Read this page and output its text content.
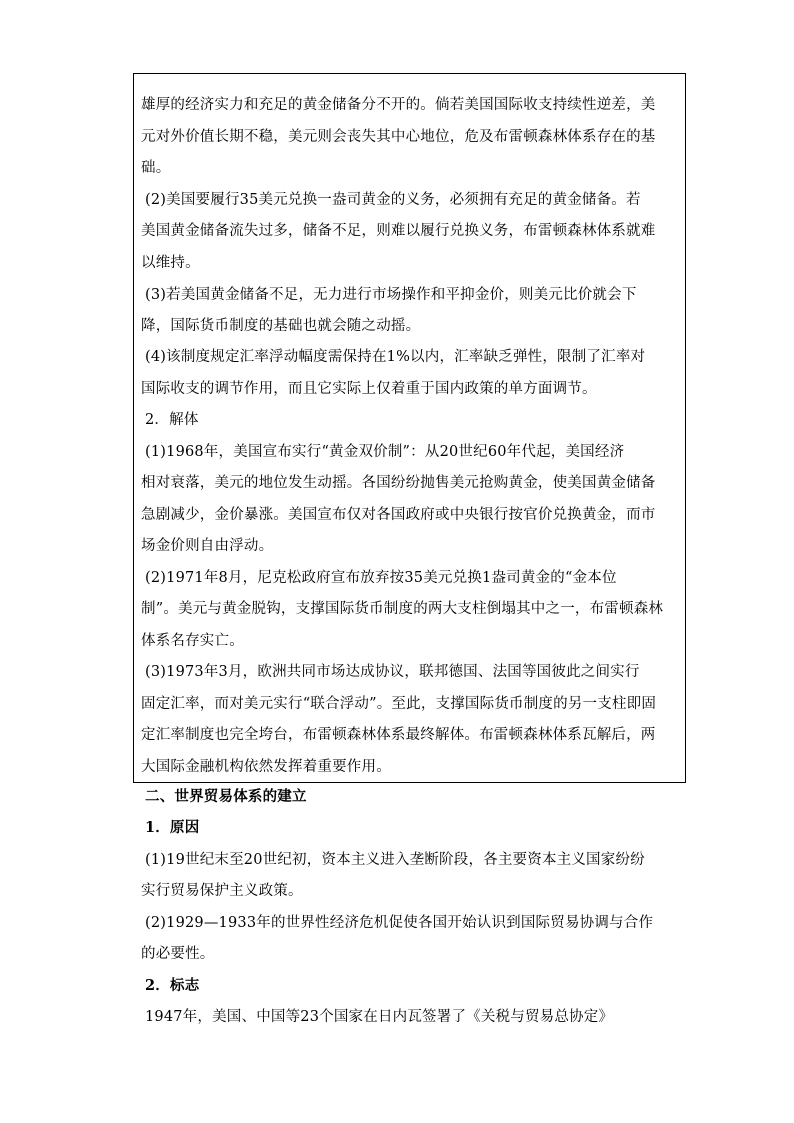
雄厚的经济实力和充足的黄金储备分不开的。倘若美国国际收支持续性逆差，美
元对外价值长期不稳，美元则会丧失其中心地位，危及布雷顿森林体系存在的基
础。
(2)美国要履行35美元兑换一盎司黄金的义务，必须拥有充足的黄金储备。若
美国黄金储备流失过多，储备不足，则难以履行兑换义务，布雷顿森林体系就难
以维持。
(3)若美国黄金储备不足，无力进行市场操作和平抑金价，则美元比价就会下
降，国际货币制度的基础也就会随之动摇。
(4)该制度规定汇率浮动幅度需保持在1%以内，汇率缺乏弹性，限制了汇率对
国际收支的调节作用，而且它实际上仅着重于国内政策的单方面调节。
2．解体
(1)1968年，美国宣布实行“黄金双价制”：从20世纪60年代起，美国经济
相对衰落，美元的地位发生动摇。各国纷纷抛售美元抢购黄金，使美国黄金储备
急剧减少，金价暴涨。美国宣布仅对各国政府或中央银行按官价兑换黄金，而市
场金价则自由浮动。
(2)1971年8月，尼克松政府宣布放弃按35美元兑换1盎司黄金的“金本位
制”。美元与黄金脱钩，支撑国际货币制度的两大支柱倒塌其中之一，布雷顿森林
体系名存实亡。
(3)1973年3月，欧洲共同市场达成协议，联邦德国、法国等国彼此之间实行
固定汇率，而对美元实行“联合浮动”。至此，支撑国际货币制度的另一支柱即固
定汇率制度也完全垮台，布雷顿森林体系最终解体。布雷顿森林体系瓦解后，两
大国际金融机构依然发挥着重要作用。
二、世界贸易体系的建立
1．原因
(1)19世纪末至20世纪初，资本主义进入垄断阶段，各主要资本主义国家纷纷
实行贸易保护主义政策。
(2)1929—1933年的世界性经济危机促使各国开始认识到国际贸易协调与合作
的必要性。
2．标志
1947年，美国、中国等23个国家在日内瓦签署了《关税与贸易总协定》
